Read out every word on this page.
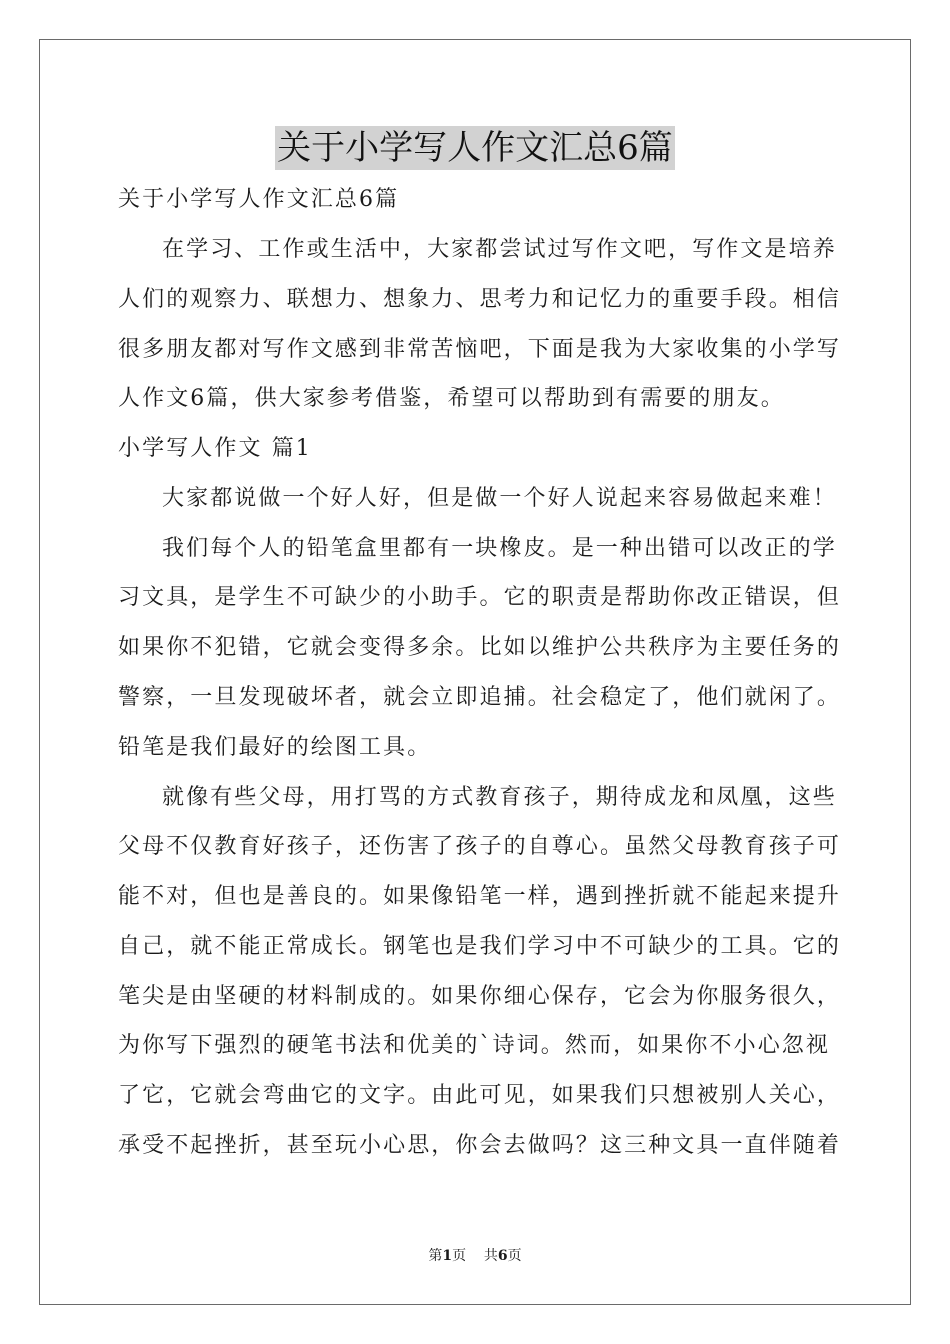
关于小学写人作文汇总6篇
关于小学写人作文汇总6篇
在学习、工作或生活中，大家都尝试过写作文吧，写作文是培养
人们的观察力、联想力、想象力、思考力和记忆力的重要手段。相信
很多朋友都对写作文感到非常苦恼吧，下面是我为大家收集的小学写
人作文6篇，供大家参考借鉴，希望可以帮助到有需要的朋友。
小学写人作文 篇1
大家都说做一个好人好，但是做一个好人说起来容易做起来难！
我们每个人的铅笔盒里都有一块橡皮。是一种出错可以改正的学
习文具，是学生不可缺少的小助手。它的职责是帮助你改正错误，但
如果你不犯错，它就会变得多余。比如以维护公共秩序为主要任务的
警察，一旦发现破坏者，就会立即追捕。社会稳定了，他们就闲了。
铅笔是我们最好的绘图工具。
就像有些父母，用打骂的方式教育孩子，期待成龙和凤凰，这些
父母不仅教育好孩子，还伤害了孩子的自尊心。虽然父母教育孩子可
能不对，但也是善良的。如果像铅笔一样，遇到挫折就不能起来提升
自己，就不能正常成长。钢笔也是我们学习中不可缺少的工具。它的
笔尖是由坚硬的材料制成的。如果你细心保存，它会为你服务很久，
为你写下强烈的硬笔书法和优美的`诗词。然而，如果你不小心忽视
了它，它就会弯曲它的文字。由此可见，如果我们只想被别人关心，
承受不起挫折，甚至玩小心思，你会去做吗？这三种文具一直伴随着
第1页 共6页
